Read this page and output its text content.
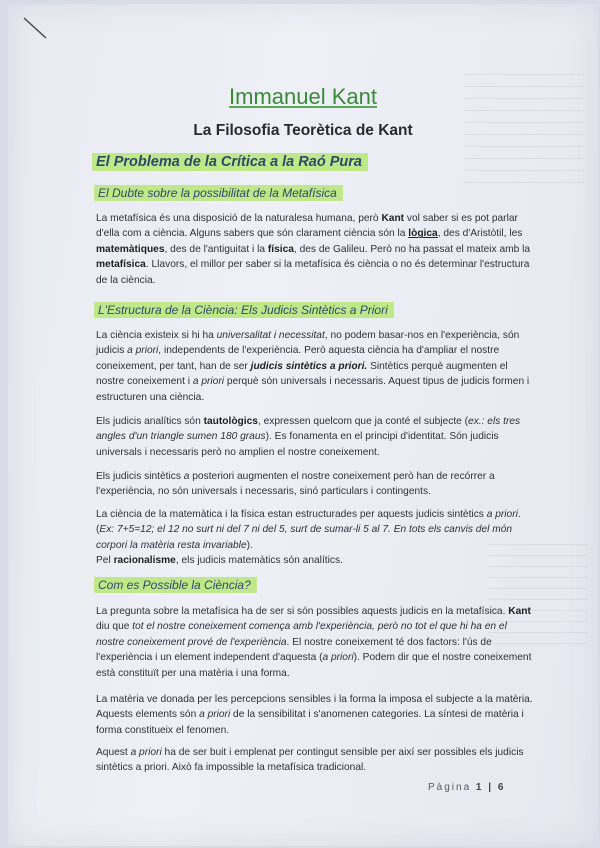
Immanuel Kant
La Filosofia Teorètica de Kant
El Problema de la Crítica a la Raó Pura
El Dubte sobre la possibilitat de la Metafísica
La metafísica és una disposició de la naturalesa humana, però Kant vol saber si es pot parlar d'ella com a ciència. Alguns sabers que són clarament ciència són la lògica, des d'Aristòtil, les matemàtiques, des de l'antiguitat i la física, des de Galileu. Però no ha passat el mateix amb la metafísica. Llavors, el millor per saber si la metafísica és ciència o no és determinar l'estructura de la ciència.
L'Estructura de la Ciència: Els Judicis Sintètics a Priori
La ciència existeix si hi ha universalitat i necessitat, no podem basar-nos en l'experiència, són judicis a priori, independents de l'experiència. Però aquesta ciència ha d'ampliar el nostre coneixement, per tant, han de ser judicis sintètics a priori. Sintètics perquè augmenten el nostre coneixement i a priori perquè són universals i necessaris. Aquest tipus de judicis formen i estructuren una ciència.
Els judicis analítics són tautològics, expressen quelcom que ja conté el subjecte (ex.: els tres angles d'un triangle sumen 180 graus). Es fonamenta en el principi d'identitat. Són judicis universals i necessaris però no amplien el nostre coneixement.
Els judicis sintètics a posteriori augmenten el nostre coneixement però han de recórrer a l'experiència, no són universals i necessaris, sinó particulars i contingents.
La ciència de la matemàtica i la física estan estructurades per aquests judicis sintètics a priori. (Ex: 7+5=12; el 12 no surt ni del 7 ni del 5, surt de sumar-li 5 al 7. En tots els canvis del món corpori la matèria resta invariable).
Pel racionalisme, els judicis matemàtics són analítics.
Com es Possible la Ciència?
La pregunta sobre la metafísica ha de ser si són possibles aquests judicis en la metafísica. Kant diu que tot el nostre coneixement comença amb l'experiència, però no tot el que hi ha en el nostre coneixement prové de l'experiència. El nostre coneixement té dos factors: l'ús de l'experiència i un element independent d'aquesta (a priori). Podem dir que el nostre coneixement està constituït per una matèria i una forma.
La matèria ve donada per les percepcions sensibles i la forma la imposa el subjecte a la matèria. Aquests elements són a priori de la sensibilitat i s'anomenen categories. La síntesi de matèria i forma constitueix el fenomen.
Aquest a priori ha de ser buit i emplenat per contingut sensible per així ser possibles els judicis sintètics a priori. Això fa impossible la metafísica tradicional.
Pàgina 1 | 6
